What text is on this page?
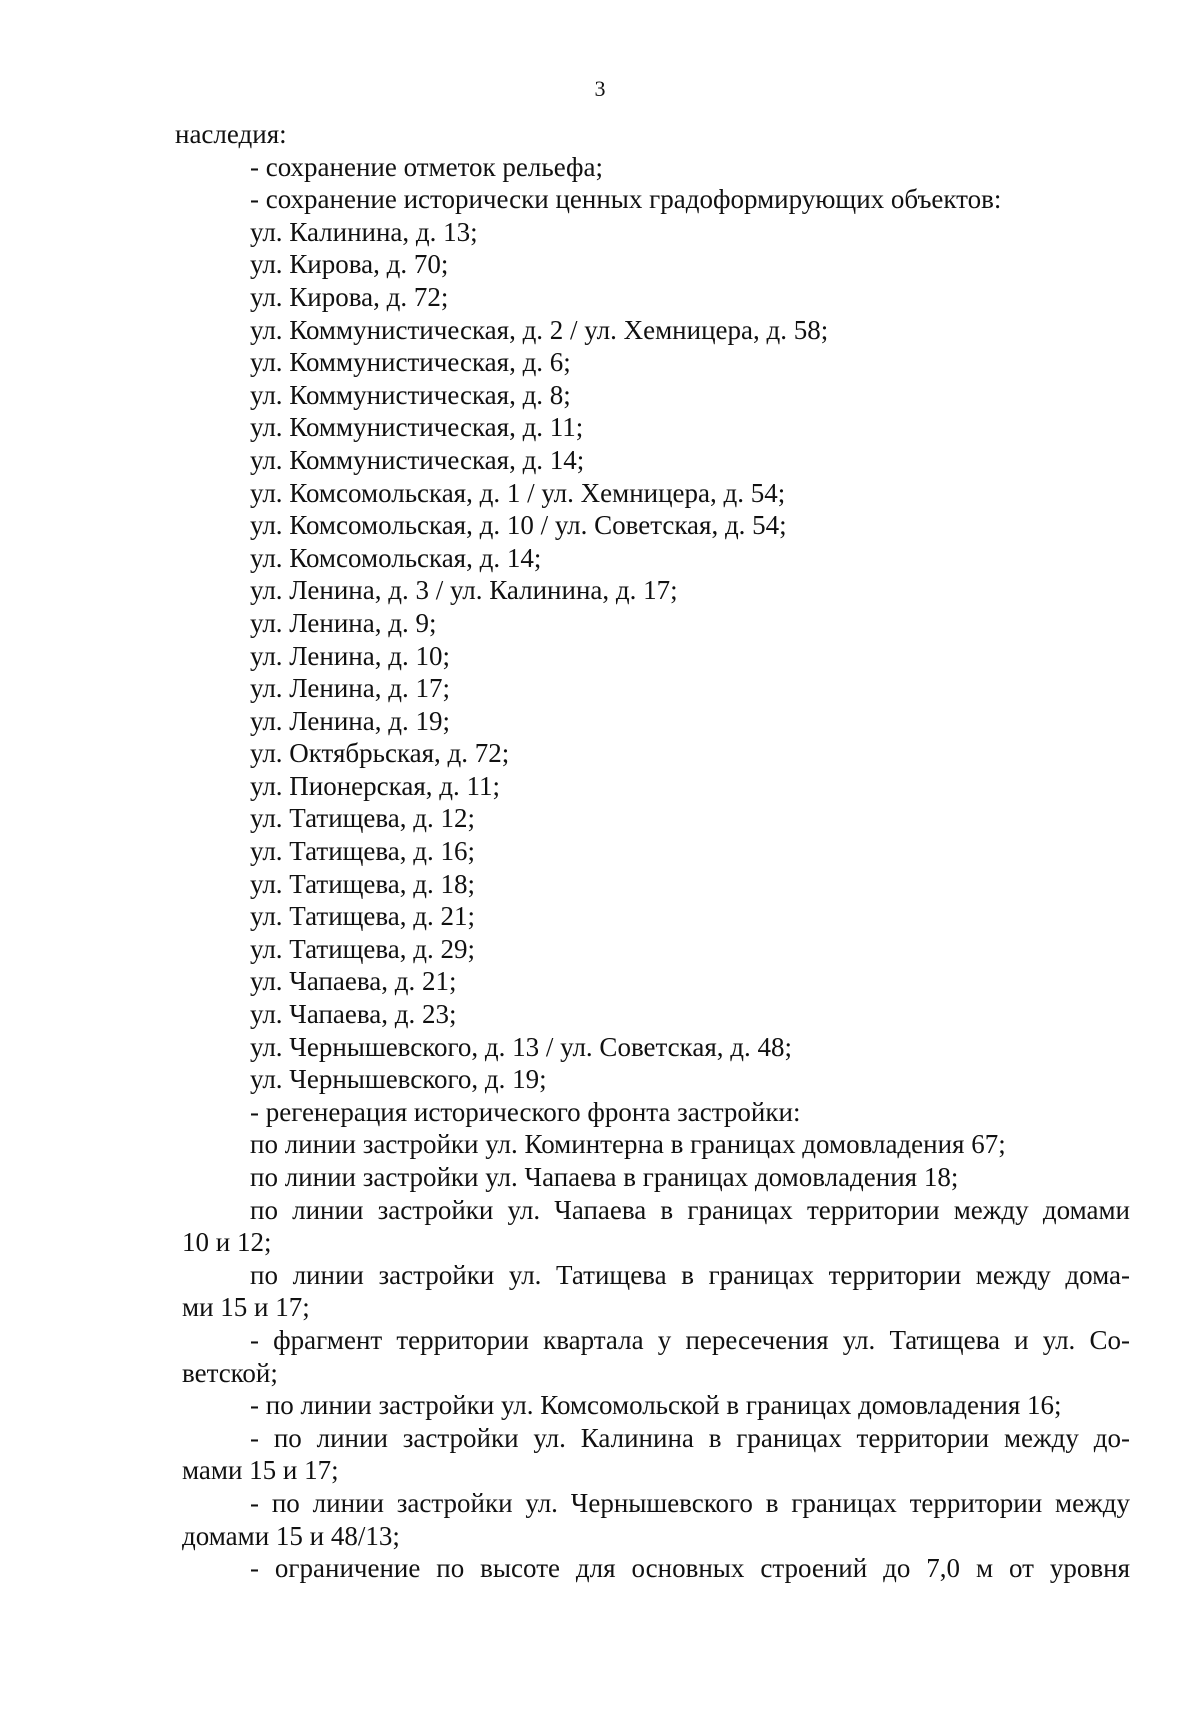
3
наследия:
- сохранение отметок рельефа;
- сохранение исторически ценных градоформирующих объектов:
ул. Калинина, д. 13;
ул. Кирова, д. 70;
ул. Кирова, д. 72;
ул. Коммунистическая, д. 2 / ул. Хемницера, д. 58;
ул. Коммунистическая, д. 6;
ул. Коммунистическая, д. 8;
ул. Коммунистическая, д. 11;
ул. Коммунистическая, д. 14;
ул. Комсомольская, д. 1 / ул. Хемницера, д. 54;
ул. Комсомольская, д. 10 / ул. Советская, д. 54;
ул. Комсомольская, д. 14;
ул. Ленина, д. 3 / ул. Калинина, д. 17;
ул. Ленина, д. 9;
ул. Ленина, д. 10;
ул. Ленина, д. 17;
ул. Ленина, д. 19;
ул. Октябрьская, д. 72;
ул. Пионерская, д. 11;
ул. Татищева, д. 12;
ул. Татищева, д. 16;
ул. Татищева, д. 18;
ул. Татищева, д. 21;
ул. Татищева, д. 29;
ул. Чапаева, д. 21;
ул. Чапаева, д. 23;
ул. Чернышевского, д. 13 / ул. Советская, д. 48;
ул. Чернышевского, д. 19;
- регенерация исторического фронта застройки:
по линии застройки ул. Коминтерна в границах домовладения 67;
по линии застройки ул. Чапаева в границах домовладения 18;
по линии застройки ул. Чапаева в границах территории между домами
10 и 12;
по линии застройки ул. Татищева в границах территории между дома-
ми 15 и 17;
- фрагмент территории квартала у пересечения ул. Татищева и ул. Со-
ветской;
- по линии застройки ул. Комсомольской в границах домовладения 16;
- по линии застройки ул. Калинина в границах территории между до-
мами 15 и 17;
- по линии застройки ул. Чернышевского в границах территории между
домами 15 и 48/13;
- ограничение по высоте для основных строений до 7,0 м от уровня
